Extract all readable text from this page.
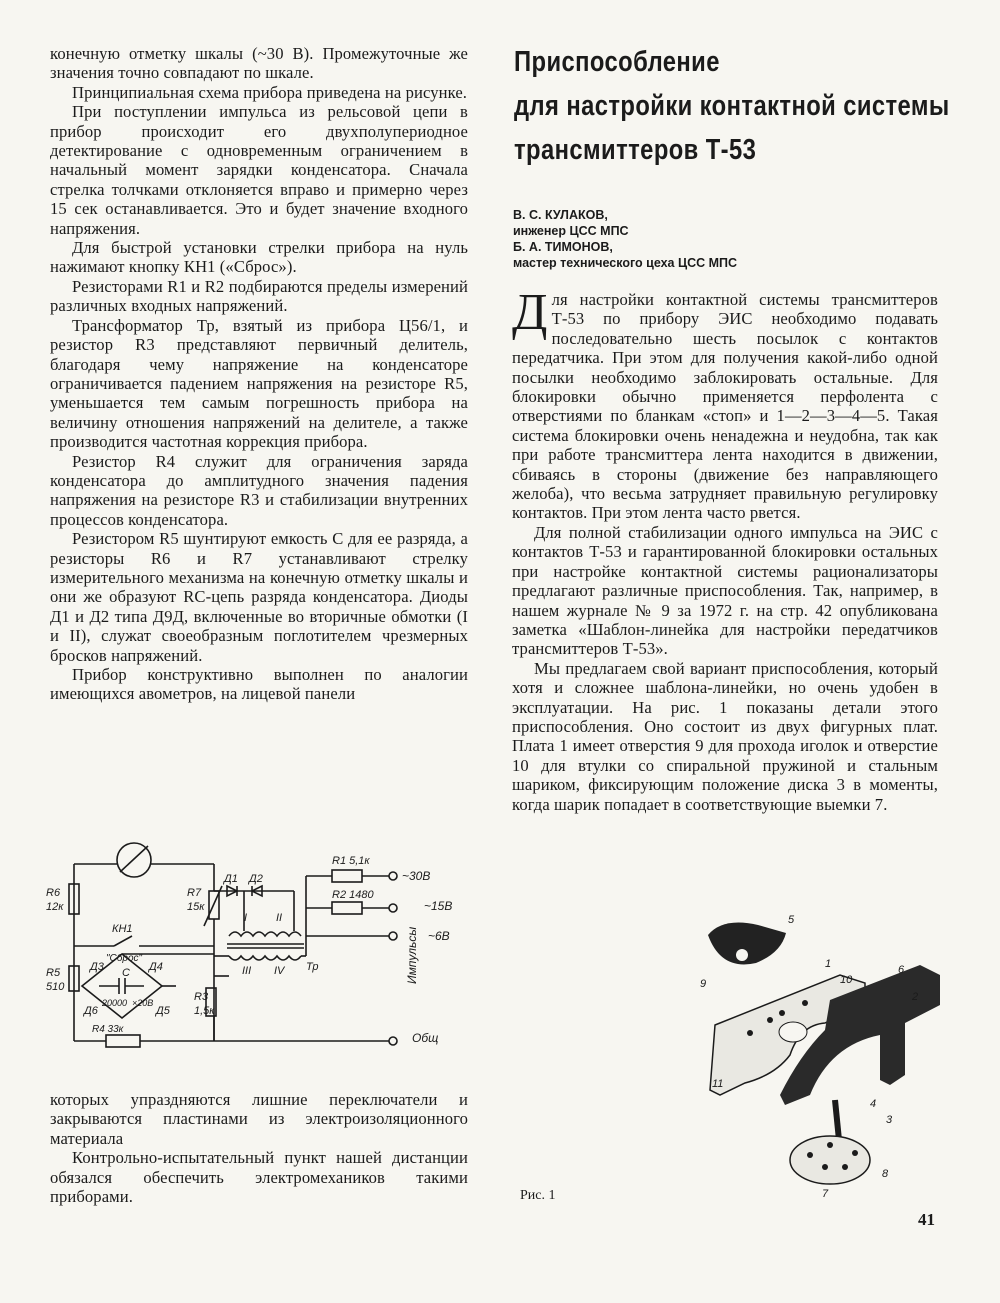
конечную отметку шкалы (~30 В). Промежуточные же значения точно совпадают по шкале.

Принципиальная схема прибора приведена на рисунке.

При поступлении импульса из рельсовой цепи в прибор происходит его двухполупериодное детектирование с одновременным ограничением в начальный момент зарядки конденсатора. Сначала стрелка толчками отклоняется вправо и примерно через 15 сек останавливается. Это и будет значение входного напряжения.

Для быстрой установки стрелки прибора на нуль нажимают кнопку КН1 («Сброс»).

Резисторами R1 и R2 подбираются пределы измерений различных входных напряжений.

Трансформатор Тр, взятый из прибора Ц56/1, и резистор R3 представляют первичный делитель, благодаря чему напряжение на конденсаторе ограничивается падением напряжения на резисторе R5, уменьшается тем самым погрешность прибора на величину отношения напряжений на делителе, а также производится частотная коррекция прибора.

Резистор R4 служит для ограничения заряда конденсатора до амплитудного значения падения напряжения на резисторе R3 и стабилизации внутренних процессов конденсатора.

Резистором R5 шунтируют емкость С для ее разряда, а резисторы R6 и R7 устанавливают стрелку измерительного механизма на конечную отметку шкалы и они же образуют RC-цепь разряда конденсатора. Диоды Д1 и Д2 типа Д9Д, включенные во вторичные обмотки (I и II), служат своеобразным поглотителем чрезмерных бросков напряжений.

Прибор конструктивно выполнен по аналогии имеющихся авометров, на лицевой панели

R6
12к
R7
15к
КН1
"Сброс"
R5
510
Д1 Д2
Д3	Д4
Д5
Д6
С
20000 ×20В
R4 33к
R1 5,1к
R2 1480
R3
1,5к
I	II
III IV Тр
~30В
~15В
~6В
Общ
Импульсы

которых упраздняются лишние переключатели и закрываются пластинами из электроизоляционного материала

Контрольно-испытательный пункт нашей дистанции обязался обеспечить электромехаников такими приборами.

Приспособление
для настройки контактной системы
трансмиттеров Т-53
В. С. КУЛАКОВ,
инженер ЦСС МПС
Б. А. ТИМОНОВ,
мастер технического цеха ЦСС МПС

Для настройки контактной системы трансмиттеров Т-53 по прибору ЭИС необходимо подавать последовательно шесть посылок с контактов передатчика. При этом для получения какой-либо одной посылки необходимо заблокировать остальные. Для блокировки обычно применяется перфолента с отверстиями по бланкам «стоп» и 1—2—3—4—5. Такая система блокировки очень ненадежна и неудобна, так как при работе трансмиттера лента находится в движении, сбиваясь в стороны (движение без направляющего желоба), что весьма затрудняет правильную регулировку контактов. При этом лента часто рвется.

Для полной стабилизации одного импульса на ЭИС с контактов Т-53 и гарантированной блокировки остальных при настройке контактной системы рационализаторы предлагают различные приспособления. Так, например, в нашем журнале № 9 за 1972 г. на стр. 42 опубликована заметка «Шаблон-линейка для настройки передатчиков трансмиттеров Т-53».

Мы предлагаем свой вариант приспособления, который хотя и сложнее шаблона-линейки, но очень удобен в эксплуатации. На рис. 1 показаны детали этого приспособления. Оно состоит из двух фигурных плат. Плата 1 имеет отверстия 9 для прохода иголок и отверстие 10 для втулки со спиральной пружиной и стальным шариком, фиксирующим положение диска 3 в моменты, когда шарик попадает в соответствующие выемки 7.

5
1
10
6
2
9
11
4
3
8
7
Рис. 1
41
